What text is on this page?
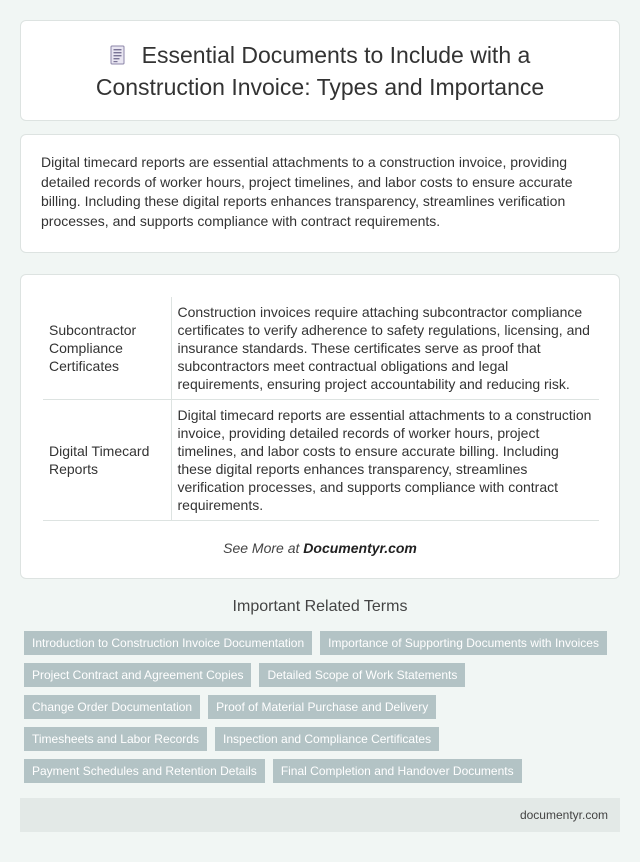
Essential Documents to Include with a
Construction Invoice: Types and Importance

Digital timecard reports are essential attachments to a construction invoice, providing detailed records of worker hours, project timelines, and labor costs to ensure accurate billing. Including these digital reports enhances transparency, streamlines verification processes, and supports compliance with contract requirements.

Subcontractor Compliance Certificates	Construction invoices require attaching subcontractor compliance certificates to verify adherence to safety regulations, licensing, and insurance standards. These certificates serve as proof that subcontractors meet contractual obligations and legal requirements, ensuring project accountability and reducing risk.
Digital Timecard Reports	Digital timecard reports are essential attachments to a construction invoice, providing detailed records of worker hours, project timelines, and labor costs to ensure accurate billing. Including these digital reports enhances transparency, streamlines verification processes, and supports compliance with contract requirements.
See More at Documentyr.com
Important Related Terms
Introduction to Construction Invoice Documentation	Importance of Supporting Documents with Invoices
Project Contract and Agreement Copies	Detailed Scope of Work Statements
Change Order Documentation	Proof of Material Purchase and Delivery
Timesheets and Labor Records	Inspection and Compliance Certificates
Payment Schedules and Retention Details	Final Completion and Handover Documents
documentyr.com
